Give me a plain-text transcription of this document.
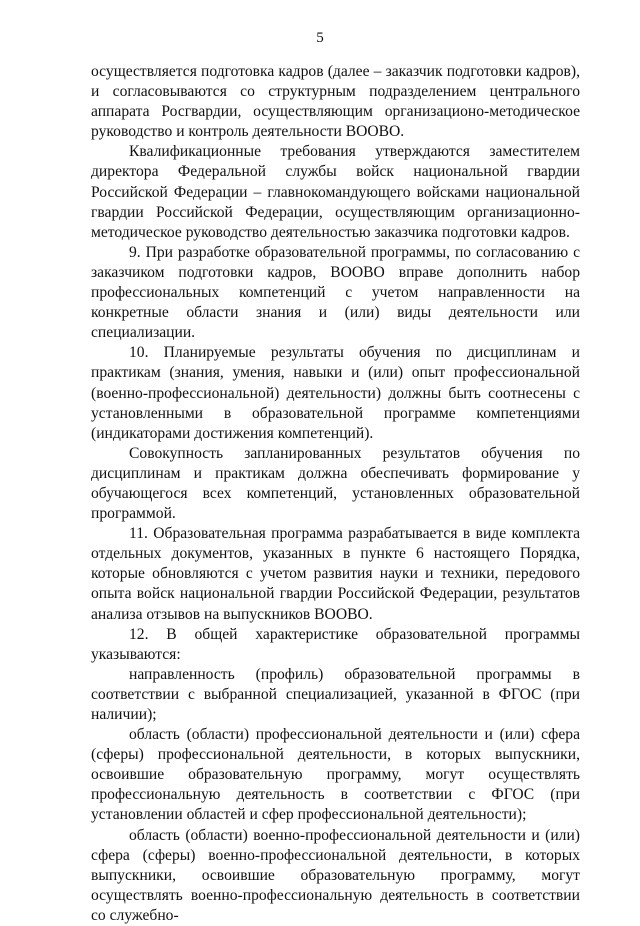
5

осуществляется подготовка кадров (далее – заказчик подготовки кадров), и согласовываются со структурным подразделением центрального аппарата Росгвардии, осуществляющим организационо-методическое руководство и контроль деятельности ВООВО.

Квалификационные требования утверждаются заместителем директора Федеральной службы войск национальной гвардии Российской Федерации – главнокомандующего войсками национальной гвардии Российской Федерации, осуществляющим организационно-методическое руководство деятельностью заказчика подготовки кадров.

9. При разработке образовательной программы, по согласованию с заказчиком подготовки кадров, ВООВО вправе дополнить набор профессиональных компетенций с учетом направленности на конкретные области знания и (или) виды деятельности или специализации.

10. Планируемые результаты обучения по дисциплинам и практикам (знания, умения, навыки и (или) опыт профессиональной (военно-профессиональной) деятельности) должны быть соотнесены с установленными в образовательной программе компетенциями (индикаторами достижения компетенций).

Совокупность запланированных результатов обучения по дисциплинам и практикам должна обеспечивать формирование у обучающегося всех компетенций, установленных образовательной программой.

11. Образовательная программа разрабатывается в виде комплекта отдельных документов, указанных в пункте 6 настоящего Порядка, которые обновляются с учетом развития науки и техники, передового опыта войск национальной гвардии Российской Федерации, результатов анализа отзывов на выпускников ВООВО.

12. В общей характеристике образовательной программы указываются:

направленность (профиль) образовательной программы в соответствии с выбранной специализацией, указанной в ФГОС (при наличии);

область (области) профессиональной деятельности и (или) сфера (сферы) профессиональной деятельности, в которых выпускники, освоившие образовательную программу, могут осуществлять профессиональную деятельность в соответствии с ФГОС (при установлении областей и сфер профессиональной деятельности);

область (области) военно-профессиональной деятельности и (или) сфера (сферы) военно-профессиональной деятельности, в которых выпускники, освоившие образовательную программу, могут осуществлять военно-профессиональную деятельность в соответствии со служебно-
